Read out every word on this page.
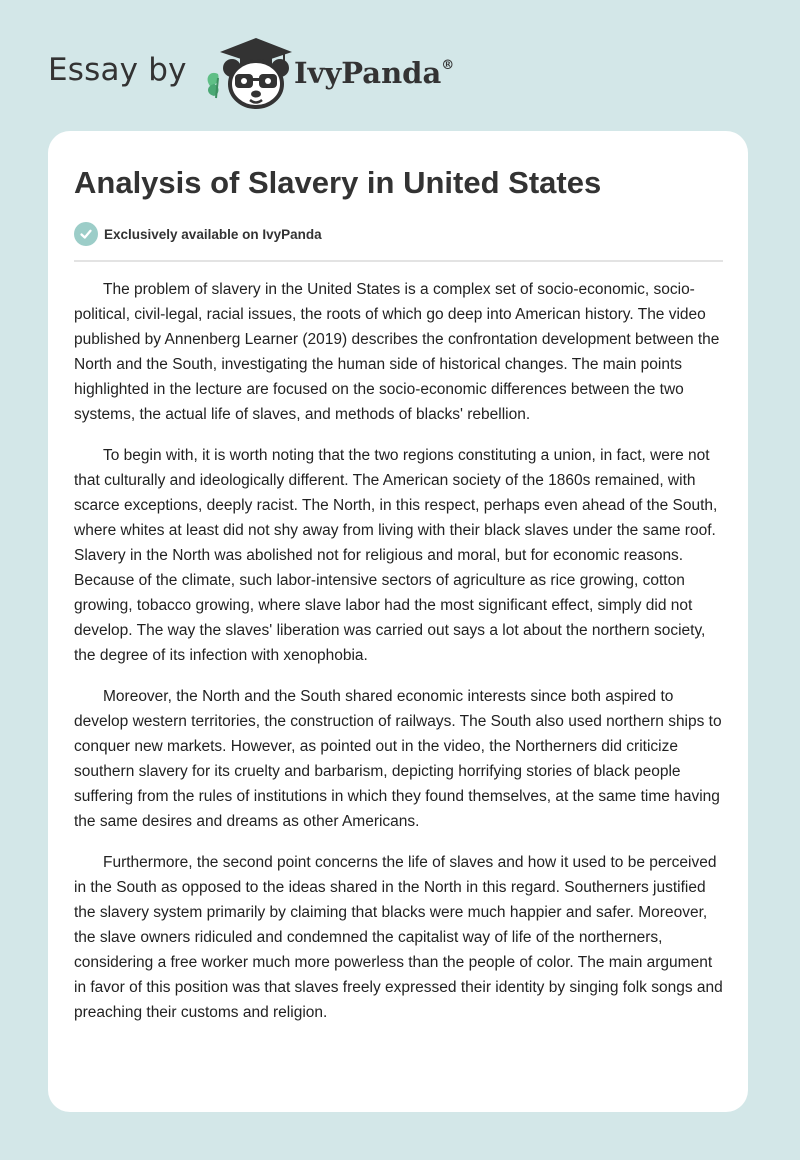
Essay by	IvyPanda®
Analysis of Slavery in United States
Exclusively available on IvyPanda

The problem of slavery in the United States is a complex set of socio-economic, socio-political, civil-legal, racial issues, the roots of which go deep into American history. The video published by Annenberg Learner (2019) describes the confrontation development between the North and the South, investigating the human side of historical changes. The main points highlighted in the lecture are focused on the socio-economic differences between the two systems, the actual life of slaves, and methods of blacks' rebellion.

To begin with, it is worth noting that the two regions constituting a union, in fact, were not that culturally and ideologically different. The American society of the 1860s remained, with scarce exceptions, deeply racist. The North, in this respect, perhaps even ahead of the South, where whites at least did not shy away from living with their black slaves under the same roof. Slavery in the North was abolished not for religious and moral, but for economic reasons. Because of the climate, such labor-intensive sectors of agriculture as rice growing, cotton growing, tobacco growing, where slave labor had the most significant effect, simply did not develop. The way the slaves' liberation was carried out says a lot about the northern society, the degree of its infection with xenophobia.

Moreover, the North and the South shared economic interests since both aspired to develop western territories, the construction of railways. The South also used northern ships to conquer new markets. However, as pointed out in the video, the Northerners did criticize southern slavery for its cruelty and barbarism, depicting horrifying stories of black people suffering from the rules of institutions in which they found themselves, at the same time having the same desires and dreams as other Americans.

Furthermore, the second point concerns the life of slaves and how it used to be perceived in the South as opposed to the ideas shared in the North in this regard. Southerners justified the slavery system primarily by claiming that blacks were much happier and safer. Moreover, the slave owners ridiculed and condemned the capitalist way of life of the northerners, considering a free worker much more powerless than the people of color. The main argument in favor of this position was that slaves freely expressed their identity by singing folk songs and preaching their customs and religion.
